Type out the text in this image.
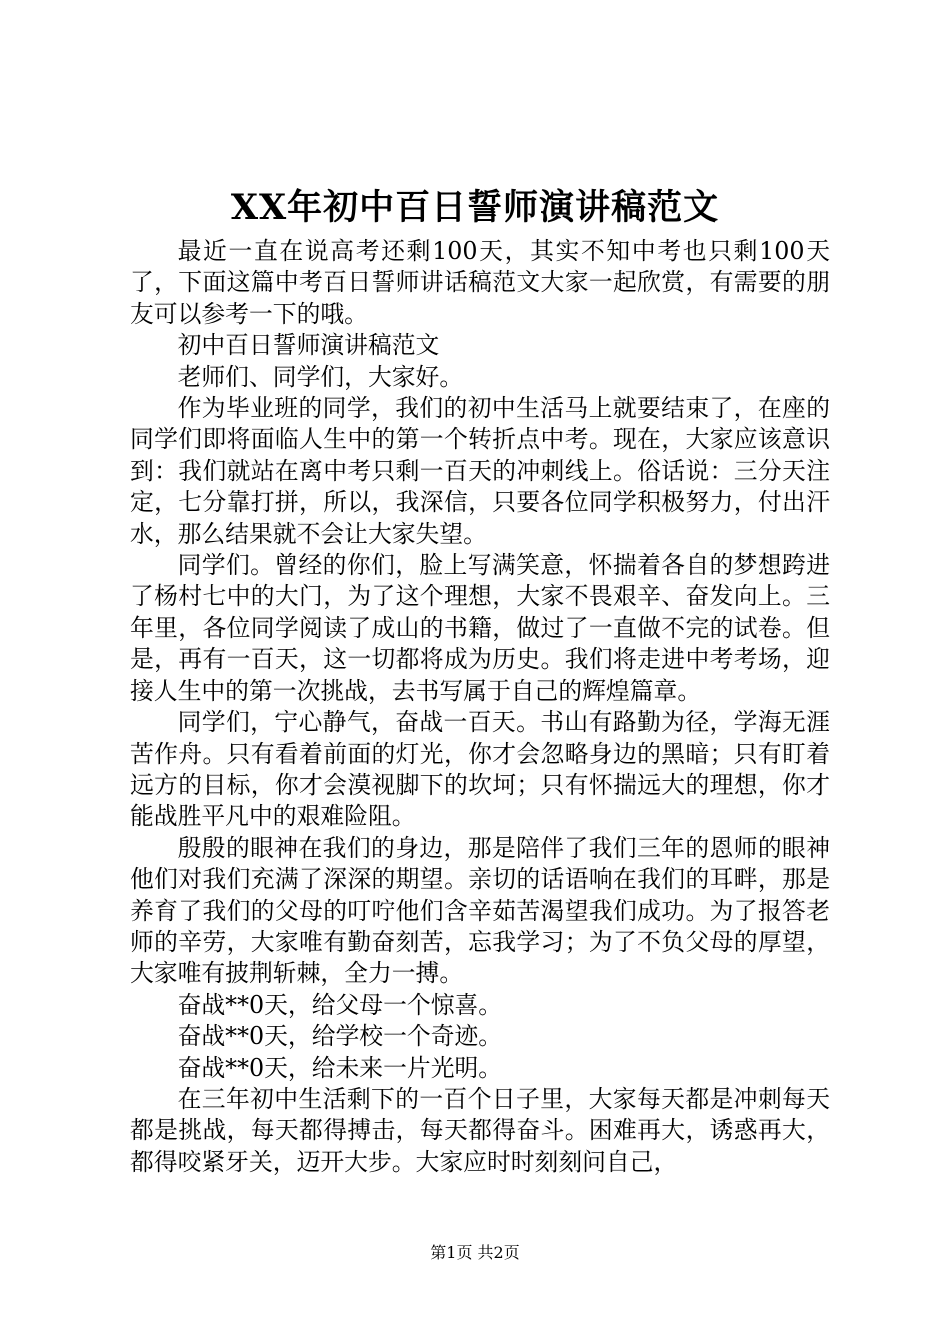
XX年初中百日誓师演讲稿范文

最近一直在说高考还剩100天，其实不知中考也只剩100天了，下面这篇中考百日誓师讲话稿范文大家一起欣赏，有需要的朋友可以参考一下的哦。

初中百日誓师演讲稿范文

老师们、同学们，大家好。

作为毕业班的同学，我们的初中生活马上就要结束了，在座的同学们即将面临人生中的第一个转折点中考。现在，大家应该意识到：我们就站在离中考只剩一百天的冲刺线上。俗话说：三分天注定，七分靠打拼，所以，我深信，只要各位同学积极努力，付出汗水，那么结果就不会让大家失望。

同学们。曾经的你们，脸上写满笑意，怀揣着各自的梦想跨进了杨村七中的大门，为了这个理想，大家不畏艰辛、奋发向上。三年里，各位同学阅读了成山的书籍，做过了一直做不完的试卷。但是，再有一百天，这一切都将成为历史。我们将走进中考考场，迎接人生中的第一次挑战，去书写属于自己的辉煌篇章。

同学们，宁心静气，奋战一百天。书山有路勤为径，学海无涯苦作舟。只有看着前面的灯光，你才会忽略身边的黑暗；只有盯着远方的目标，你才会漠视脚下的坎坷；只有怀揣远大的理想，你才能战胜平凡中的艰难险阻。

殷殷的眼神在我们的身边，那是陪伴了我们三年的恩师的眼神他们对我们充满了深深的期望。亲切的话语响在我们的耳畔，那是养育了我们的父母的叮咛他们含辛茹苦渴望我们成功。为了报答老师的辛劳，大家唯有勤奋刻苦，忘我学习；为了不负父母的厚望，大家唯有披荆斩棘，全力一搏。

奋战**0天，给父母一个惊喜。

奋战**0天，给学校一个奇迹。

奋战**0天，给未来一片光明。

在三年初中生活剩下的一百个日子里，大家每天都是冲刺每天都是挑战，每天都得搏击，每天都得奋斗。困难再大，诱惑再大，都得咬紧牙关，迈开大步。大家应时时刻刻问自己，

第1页 共2页
